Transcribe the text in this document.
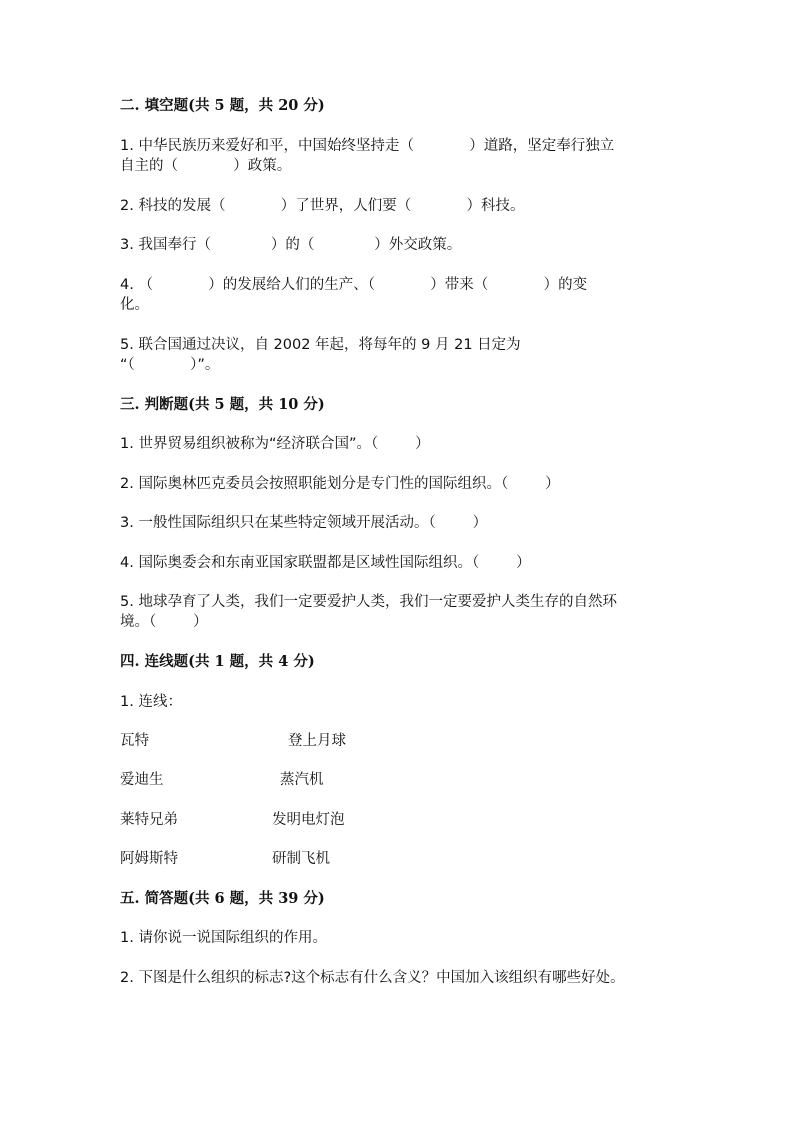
二. 填空题(共 5 题，共 20 分)
1. 中华民族历来爱好和平，中国始终坚持走（            ）道路，坚定奉行独立
自主的（            ）政策。
2. 科技的发展（            ）了世界，人们要（            ）科技。
3. 我国奉行（             ）的（             ）外交政策。
4. （            ）的发展给人们的生产、（            ）带来（            ）的变
化。
5. 联合国通过决议，自 2002 年起，将每年的 9 月 21 日定为
“（            ）”。
三. 判断题(共 5 题，共 10 分)
1. 世界贸易组织被称为“经济联合国”。（        ）
2. 国际奥林匹克委员会按照职能划分是专门性的国际组织。（        ）
3. 一般性国际组织只在某些特定领域开展活动。（        ）
4. 国际奥委会和东南亚国家联盟都是区域性国际组织。（        ）
5. 地球孕育了人类，我们一定要爱护人类，我们一定要爱护人类生存的自然环
境。（        ）
四. 连线题(共 1 题，共 4 分)
1. 连线：
瓦特	登上月球
爱迪生	蒸汽机
莱特兄弟	发明电灯泡
阿姆斯特	研制飞机
五. 简答题(共 6 题，共 39 分)
1. 请你说一说国际组织的作用。
2. 下图是什么组织的标志?这个标志有什么含义？中国加入该组织有哪些好处。
